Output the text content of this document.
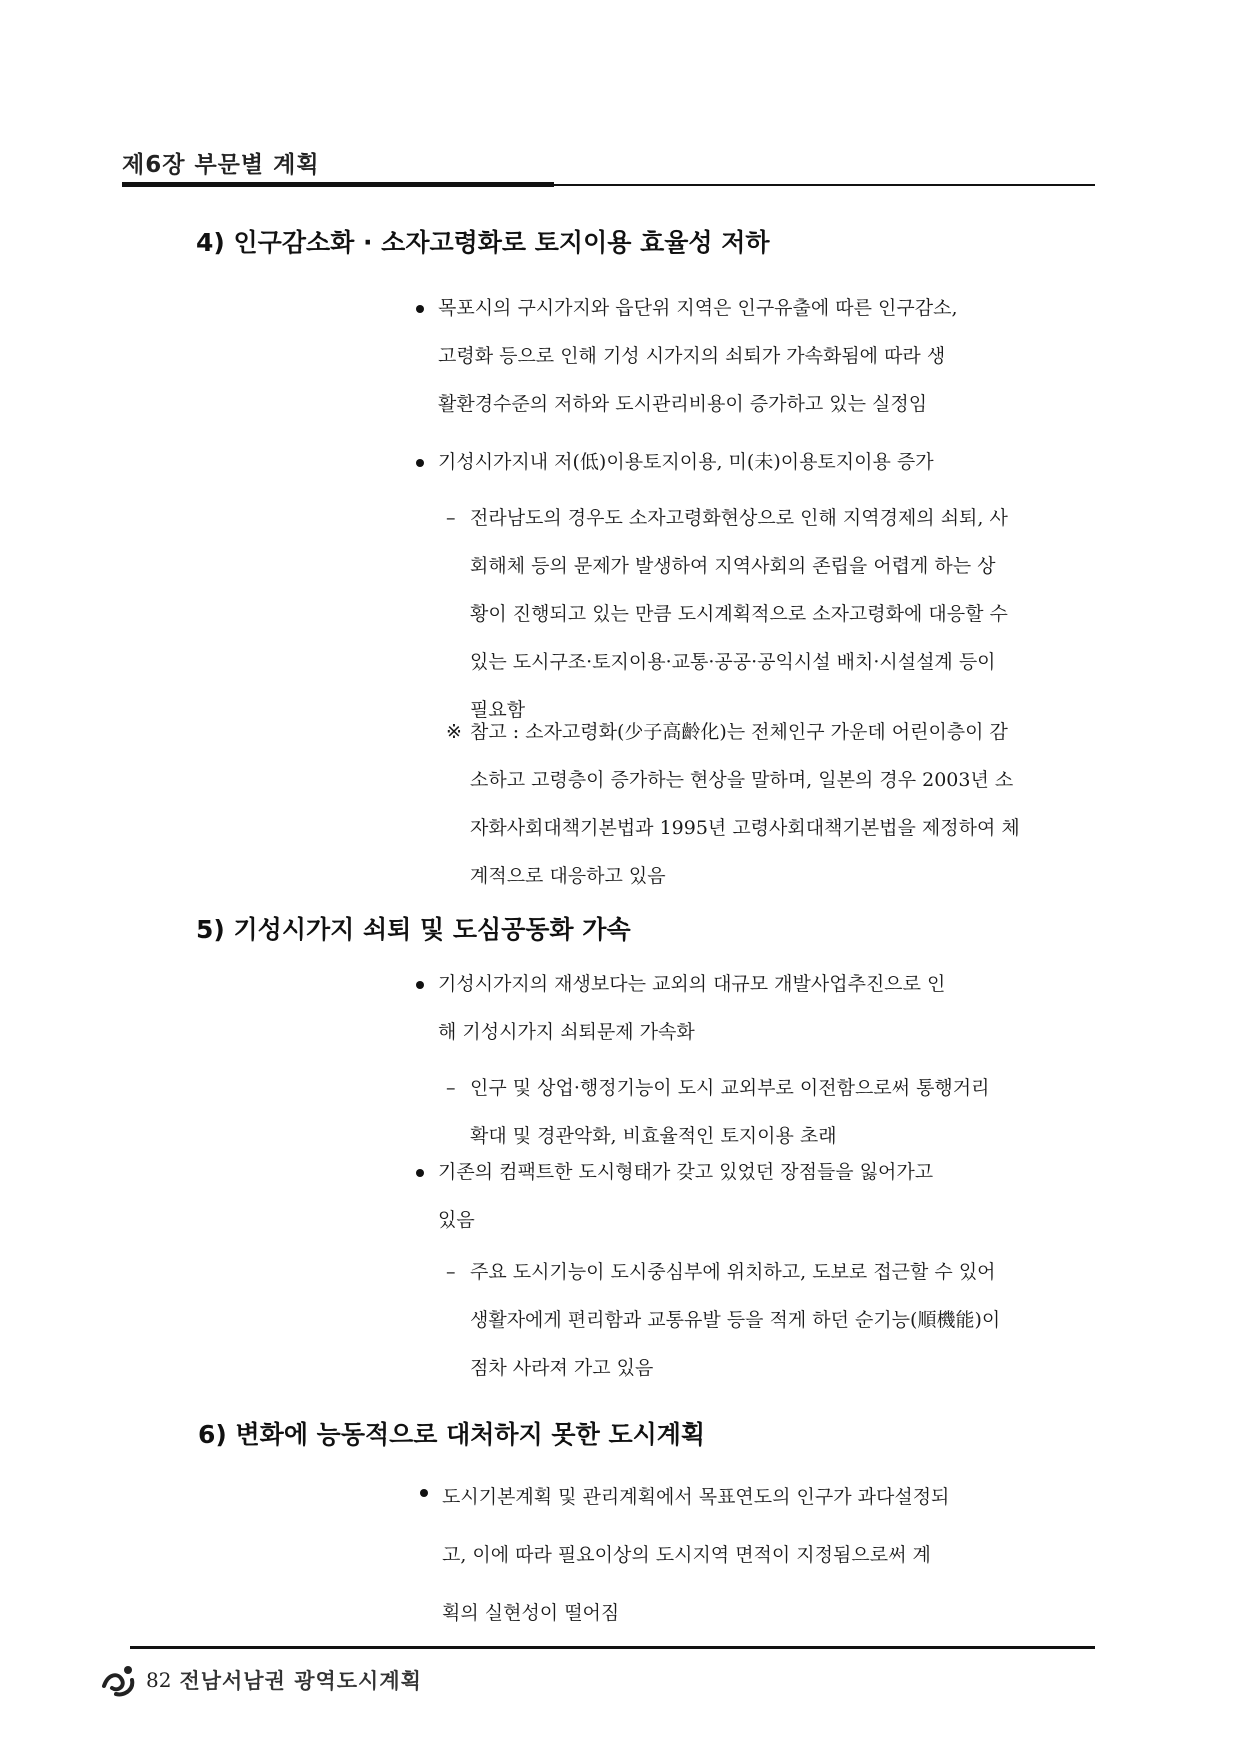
제6장 부문별 계획
4) 인구감소화 · 소자고령화로 토지이용 효율성 저하
목포시의 구시가지와 읍단위 지역은 인구유출에 따른 인구감소,
고령화 등으로 인해 기성 시가지의 쇠퇴가 가속화됨에 따라 생
활환경수준의 저하와 도시관리비용이 증가하고 있는 실정임
기성시가지내 저(低)이용토지이용, 미(未)이용토지이용 증가
– 전라남도의 경우도 소자고령화현상으로 인해 지역경제의 쇠퇴, 사
회해체 등의 문제가 발생하여 지역사회의 존립을 어렵게 하는 상
황이 진행되고 있는 만큼 도시계획적으로 소자고령화에 대응할 수
있는 도시구조·토지이용·교통·공공·공익시설 배치·시설설계 등이
필요함
※ 참고 : 소자고령화(少子高齡化)는 전체인구 가운데 어린이층이 감
소하고 고령층이 증가하는 현상을 말하며, 일본의 경우 2003년 소
자화사회대책기본법과 1995년 고령사회대책기본법을 제정하여 체
계적으로 대응하고 있음
5) 기성시가지 쇠퇴 및 도심공동화 가속
기성시가지의 재생보다는 교외의 대규모 개발사업추진으로 인
해 기성시가지 쇠퇴문제 가속화
– 인구 및 상업·행정기능이 도시 교외부로 이전함으로써 통행거리
확대 및 경관악화, 비효율적인 토지이용 초래
기존의 컴팩트한 도시형태가 갖고 있었던 장점들을 잃어가고
있음
– 주요 도시기능이 도시중심부에 위치하고, 도보로 접근할 수 있어
생활자에게 편리함과 교통유발 등을 적게 하던 순기능(順機能)이
점차 사라져 가고 있음
6) 변화에 능동적으로 대처하지 못한 도시계획
도시기본계획 및 관리계획에서 목표연도의 인구가 과다설정되
고, 이에 따라 필요이상의 도시지역 면적이 지정됨으로써 계
획의 실현성이 떨어짐
82 전남서남권 광역도시계획
